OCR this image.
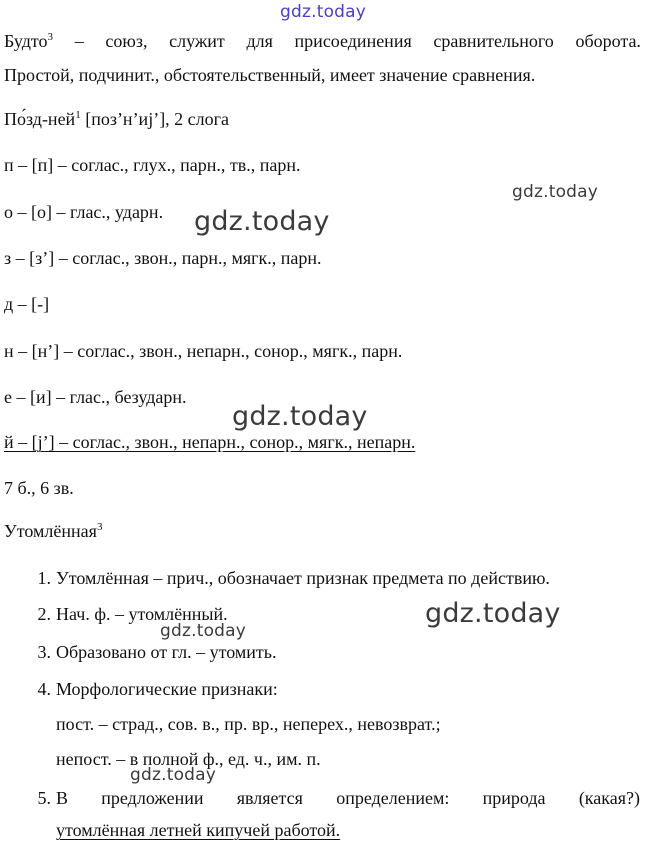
Будто$^3$ – союз, служит для присоединения сравнительного оборота.
Простой, подчинит., обстоятельственный, имеет значение сравнения.
По́зд-ней$^1$ [поз’н’иj’], 2 слога
п – [п] – соглас., глух., парн., тв., парн.
о – [о] – глас., ударн.
з – [з’] – соглас., звон., парн., мягк., парн.
д – [-]
н – [н’] – соглас., звон., непарн., сонор., мягк., парн.
е – [и] – глас., безударн.
й – [j’] – соглас., звон., непарн., сонор., мягк., непарн.
7 б., 6 зв.
Утомлённая$^3$
1. Утомлённая – прич., обозначает признак предмета по действию.
2. Нач. ф. – утомлённый.
3. Образовано от гл. – утомить.
4. Морфологические признаки:
пост. – страд., сов. в., пр. вр., неперех., невозврат.;
непост. – в полной ф., ед. ч., им. п.
5. В предложении является определением: природа (какая?)
утомлённая летней кипучей работой.
gdz.today
gdz.today
gdz.today
gdz.today
gdz.today
gdz.today
gdz.today
